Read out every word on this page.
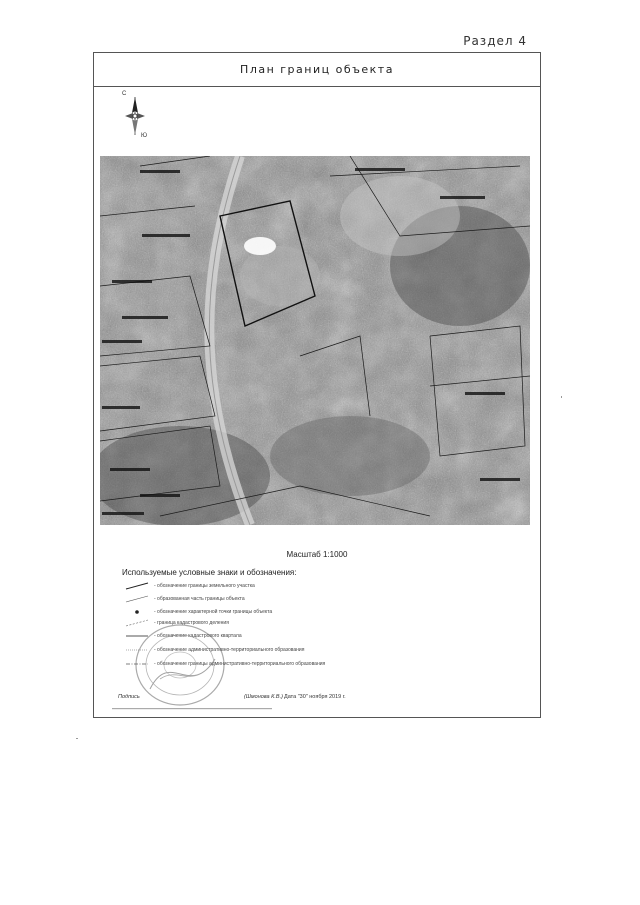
Раздел 4
План границ объекта
С
Ю
Масштаб 1:1000
Используемые условные знаки и обозначения:
- обозначение границы земельного участка
- образованная часть границы объекта
- обозначение характерной точки границы объекта
- граница кадастрового деления
- обозначение кадастрового квартала
- обозначение административно-территориального образования
- обозначение границы административно-территориального образования
Подпись	(Шмонова К.В.) Дата "30" ноября 2019 г.
